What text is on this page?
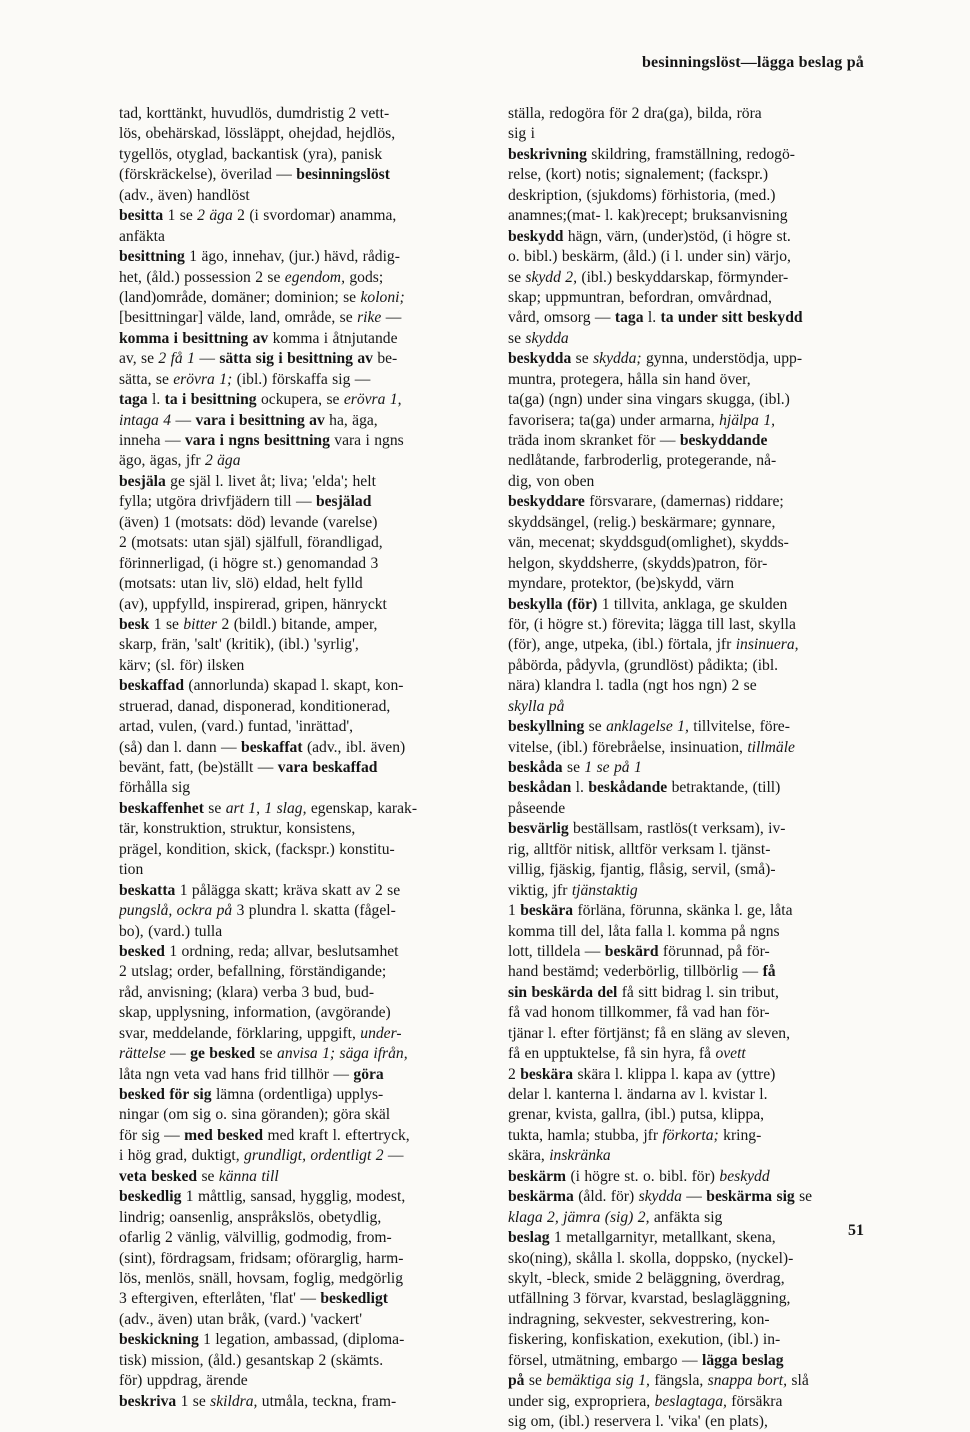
besinningslöst—lägga beslag på
tad, korttänkt, huvudlös, dumdristig 2 vett-
lös, obehärskad, lössläppt, ohejdad, hejdlös,
tygellös, otyglad, backantisk (yra), panisk
(förskräckelse), överilad — besinningslöst
(adv., även) handlöst
besitta 1 se 2 äga 2 (i svordomar) anamma,
anfäkta
besittning 1 ägo, innehav, (jur.) hävd, rådig-
het, (åld.) possession 2 se egendom, gods;
(land)område, domäner; dominion; se koloni;
[besittningar] välde, land, område, se rike —
komma i besittning av komma i åtnjutande
av, se 2 få 1 — sätta sig i besittning av be-
sätta, se erövra 1; (ibl.) förskaffa sig —
taga l. ta i besittning ockupera, se erövra 1,
intaga 4 — vara i besittning av ha, äga,
inneha — vara i ngns besittning vara i ngns
ägo, ägas, jfr 2 äga
besjäla ge själ l. livet åt; liva; 'elda'; helt
fylla; utgöra drivfjädern till — besjälad
(även) 1 (motsats: död) levande (varelse)
2 (motsats: utan själ) själfull, förandligad,
förinnerligad, (i högre st.) genomandad 3
(motsats: utan liv, slö) eldad, helt fylld
(av), uppfylld, inspirerad, gripen, hänryckt
besk 1 se bitter 2 (bildl.) bitande, amper,
skarp, frän, 'salt' (kritik), (ibl.) 'syrlig',
kärv; (sl. för) ilsken
beskaffad (annorlunda) skapad l. skapt, kon-
struerad, danad, disponerad, konditionerad,
artad, vulen, (vard.) funtad, 'inrättad',
(så) dan l. dann — beskaffat (adv., ibl. även)
bevänt, fatt, (be)ställt — vara beskaffad
förhålla sig
beskaffenhet se art 1, 1 slag, egenskap, karak-
tär, konstruktion, struktur, konsistens,
prägel, kondition, skick, (fackspr.) konstitu-
tion
beskatta 1 pålägga skatt; kräva skatt av 2 se
pungslå, ockra på 3 plundra l. skatta (fågel-
bo), (vard.) tulla
besked 1 ordning, reda; allvar, beslutsamhet
2 utslag; order, befallning, förständigande;
råd, anvisning; (klara) verba 3 bud, bud-
skap, upplysning, information, (avgörande)
svar, meddelande, förklaring, uppgift, under-
rättelse — ge besked se anvisa 1; säga ifrån,
låta ngn veta vad hans frid tillhör — göra
besked för sig lämna (ordentliga) upplys-
ningar (om sig o. sina göranden); göra skäl
för sig — med besked med kraft l. eftertryck,
i hög grad, duktigt, grundligt, ordentligt 2 —
veta besked se känna till
beskedlig 1 måttlig, sansad, hygglig, modest,
lindrig; oansenlig, anspråkslös, obetydlig,
ofarlig 2 vänlig, välvillig, godmodig, from-
(sint), fördragsam, fridsam; oförarglig, harm-
lös, menlös, snäll, hovsam, foglig, medgörlig
3 eftergiven, efterlåten, 'flat' — beskedligt
(adv., även) utan bråk, (vard.) 'vackert'
beskickning 1 legation, ambassad, (diploma-
tisk) mission, (åld.) gesantskap 2 (skämts.
för) uppdrag, ärende
beskriva 1 se skildra, utmåla, teckna, fram-
ställa, redogöra för 2 dra(ga), bilda, röra
sig i
beskrivning skildring, framställning, redogö-
relse, (kort) notis; signalement; (fackspr.)
deskription, (sjukdoms) förhistoria, (med.)
anamnes;(mat- l. kak)recept; bruksanvisning
beskydd hägn, värn, (under)stöd, (i högre st.
o. bibl.) beskärm, (åld.) (i l. under sin) värjo,
se skydd 2, (ibl.) beskyddarskap, förmynder-
skap; uppmuntran, befordran, omvårdnad,
vård, omsorg — taga l. ta under sitt beskydd
se skydda
beskydda se skydda; gynna, understödja, upp-
muntra, protegera, hålla sin hand över,
ta(ga) (ngn) under sina vingars skugga, (ibl.)
favorisera; ta(ga) under armarna, hjälpa 1,
träda inom skranket för — beskyddande
nedlåtande, farbroderlig, protegerande, nå-
dig, von oben
beskyddare försvarare, (damernas) riddare;
skyddsängel, (relig.) beskärmare; gynnare,
vän, mecenat; skyddsgud(omlighet), skydds-
helgon, skyddsherre, (skydds)patron, för-
myndare, protektor, (be)skydd, värn
beskylla (för) 1 tillvita, anklaga, ge skulden
för, (i högre st.) förevita; lägga till last, skylla
(för), ange, utpeka, (ibl.) förtala, jfr insinuera,
påbörda, pådyvla, (grundlöst) pådikta; (ibl.
nära) klandra l. tadla (ngt hos ngn) 2 se
skylla på
beskyllning se anklagelse 1, tillvitelse, före-
vitelse, (ibl.) förebråelse, insinuation, tillmäle
beskåda se 1 se på 1
beskådan l. beskådande betraktande, (till)
påseende
besvärlig beställsam, rastlös(t verksam), iv-
rig, alltför nitisk, alltför verksam l. tjänst-
villig, fjäskig, fjantig, flåsig, servil, (små)-
viktig, jfr tjänstaktig
1 beskära förläna, förunna, skänka l. ge, låta
komma till del, låta falla l. komma på ngns
lott, tilldela — beskärd förunnad, på för-
hand bestämd; vederbörlig, tillbörlig — få
sin beskärda del få sitt bidrag l. sin tribut,
få vad honom tillkommer, få vad han för-
tjänar l. efter förtjänst; få en släng av sleven,
få en upptuktelse, få sin hyra, få ovett
2 beskära skära l. klippa l. kapa av (yttre)
delar l. kanterna l. ändarna av l. kvistar l.
grenar, kvista, gallra, (ibl.) putsa, klippa,
tukta, hamla; stubba, jfr förkorta; kring-
skära, inskränka
beskärm (i högre st. o. bibl. för) beskydd
beskärma (åld. för) skydda — beskärma sig se
klaga 2, jämra (sig) 2, anfäkta sig
beslag 1 metallgarnityr, metallkant, skena,
sko(ning), skålla l. skolla, doppsko, (nyckel)-
skylt, -bleck, smide 2 beläggning, överdrag,
utfällning 3 förvar, kvarstad, beslagläggning,
indragning, sekvester, sekvestrering, kon-
fiskering, konfiskation, exekution, (ibl.) in-
försel, utmätning, embargo — lägga beslag
på se bemäktiga sig 1, fängsla, snappa bort, slå
under sig, expropriera, beslagtaga, försäkra
sig om, (ibl.) reservera l. 'vika' (en plats),
51
